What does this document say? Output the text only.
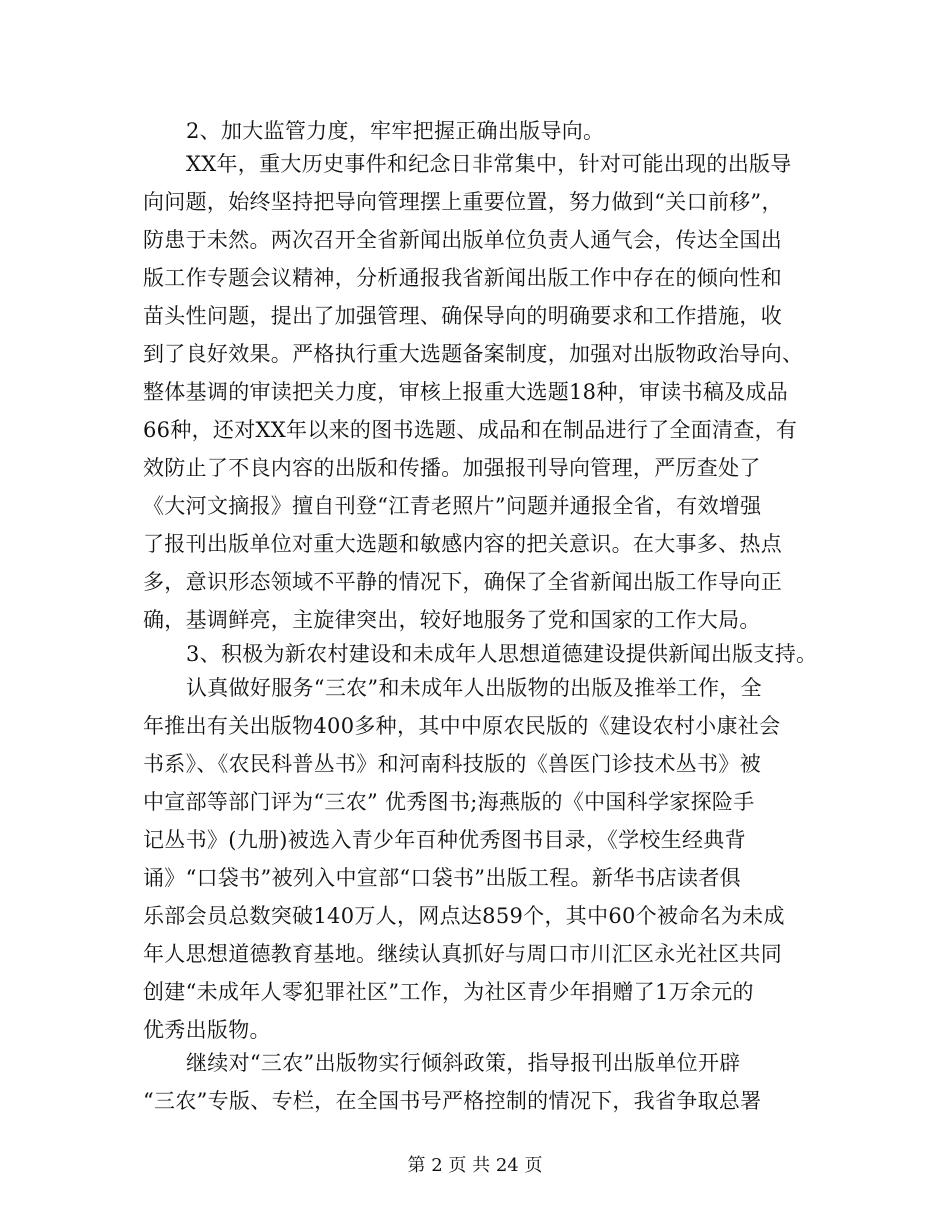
2、加大监管力度，牢牢把握正确出版导向。
XX年，重大历史事件和纪念日非常集中，针对可能出现的出版导
向问题，始终坚持把导向管理摆上重要位置，努力做到“关口前移”，
防患于未然。两次召开全省新闻出版单位负责人通气会，传达全国出
版工作专题会议精神，分析通报我省新闻出版工作中存在的倾向性和
苗头性问题，提出了加强管理、确保导向的明确要求和工作措施，收
到了良好效果。严格执行重大选题备案制度，加强对出版物政治导向、
整体基调的审读把关力度，审核上报重大选题18种，审读书稿及成品
66种，还对XX年以来的图书选题、成品和在制品进行了全面清查，有
效防止了不良内容的出版和传播。加强报刊导向管理，严厉查处了
《大河文摘报》擅自刊登“江青老照片”问题并通报全省，有效增强
了报刊出版单位对重大选题和敏感内容的把关意识。在大事多、热点
多，意识形态领域不平静的情况下，确保了全省新闻出版工作导向正
确，基调鲜亮，主旋律突出，较好地服务了党和国家的工作大局。
3、积极为新农村建设和未成年人思想道德建设提供新闻出版支持。
认真做好服务“三农”和未成年人出版物的出版及推举工作，全
年推出有关出版物400多种，其中中原农民版的《建设农村小康社会
书系》、《农民科普丛书》和河南科技版的《兽医门诊技术丛书》被
中宣部等部门评为“三农” 优秀图书;海燕版的《中国科学家探险手
记丛书》(九册)被选入青少年百种优秀图书目录，《学校生经典背
诵》“口袋书”被列入中宣部“口袋书”出版工程。新华书店读者俱
乐部会员总数突破140万人，网点达859个，其中60个被命名为未成
年人思想道德教育基地。继续认真抓好与周口市川汇区永光社区共同
创建“未成年人零犯罪社区”工作，为社区青少年捐赠了1万余元的
优秀出版物。
继续对“三农”出版物实行倾斜政策，指导报刊出版单位开辟
“三农”专版、专栏，在全国书号严格控制的情况下，我省争取总署
第 2 页 共 24 页
